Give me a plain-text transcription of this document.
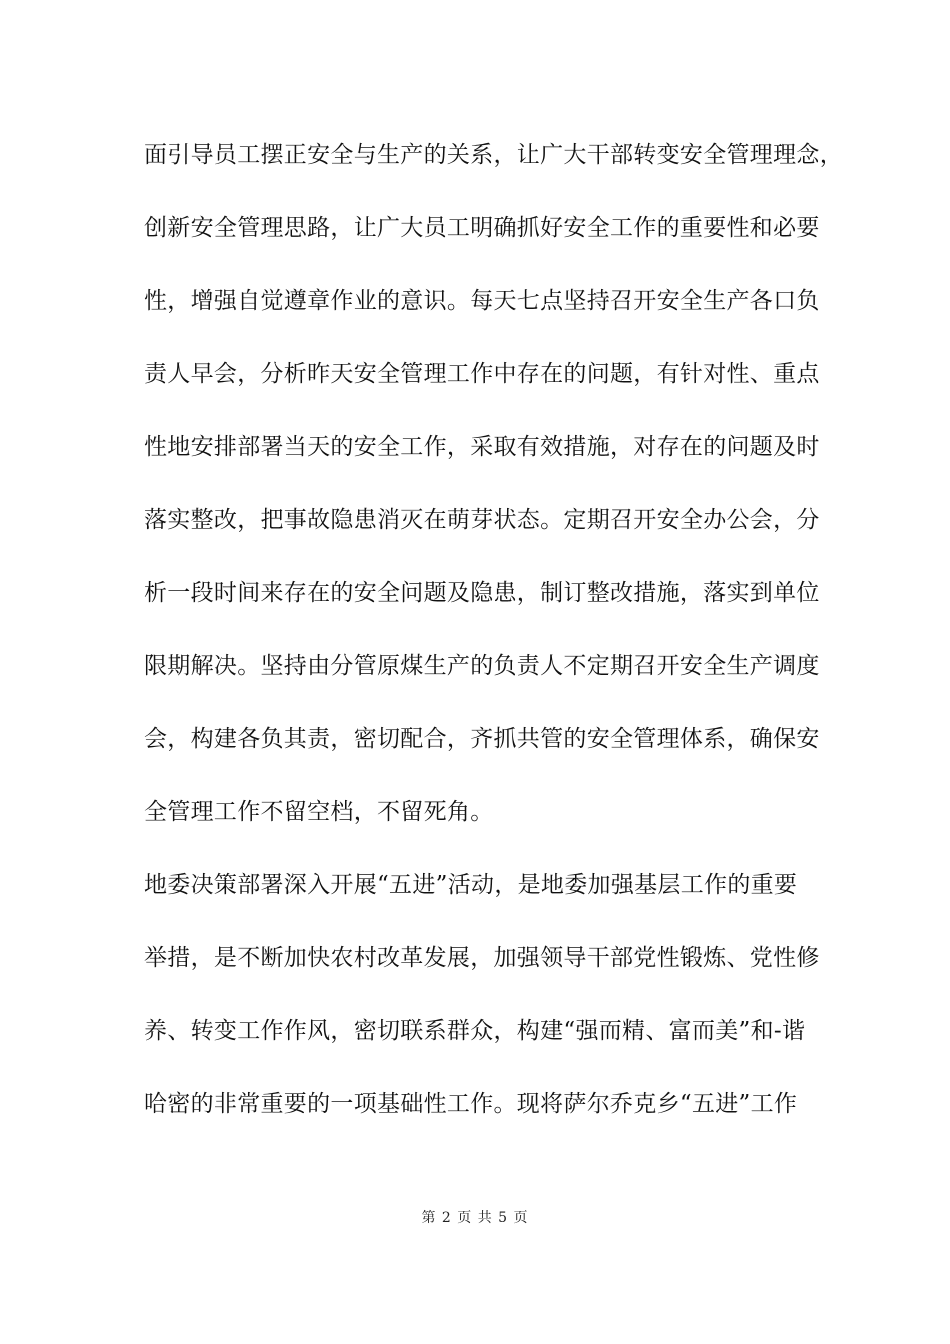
面引导员工摆正安全与生产的关系，让广大干部转变安全管理理念，
创新安全管理思路，让广大员工明确抓好安全工作的重要性和必要
性，增强自觉遵章作业的意识。每天七点坚持召开安全生产各口负
责人早会，分析昨天安全管理工作中存在的问题，有针对性、重点
性地安排部署当天的安全工作，采取有效措施，对存在的问题及时
落实整改，把事故隐患消灭在萌芽状态。定期召开安全办公会，分
析一段时间来存在的安全问题及隐患，制订整改措施，落实到单位
限期解决。坚持由分管原煤生产的负责人不定期召开安全生产调度
会，构建各负其责，密切配合，齐抓共管的安全管理体系，确保安
全管理工作不留空档，不留死角。
地委决策部署深入开展“五进”活动，是地委加强基层工作的重要
举措，是不断加快农村改革发展，加强领导干部党性锻炼、党性修
养、转变工作作风，密切联系群众，构建“强而精、富而美”和-谐
哈密的非常重要的一项基础性工作。现将萨尔乔克乡“五进”工作
第 2 页 共 5 页
